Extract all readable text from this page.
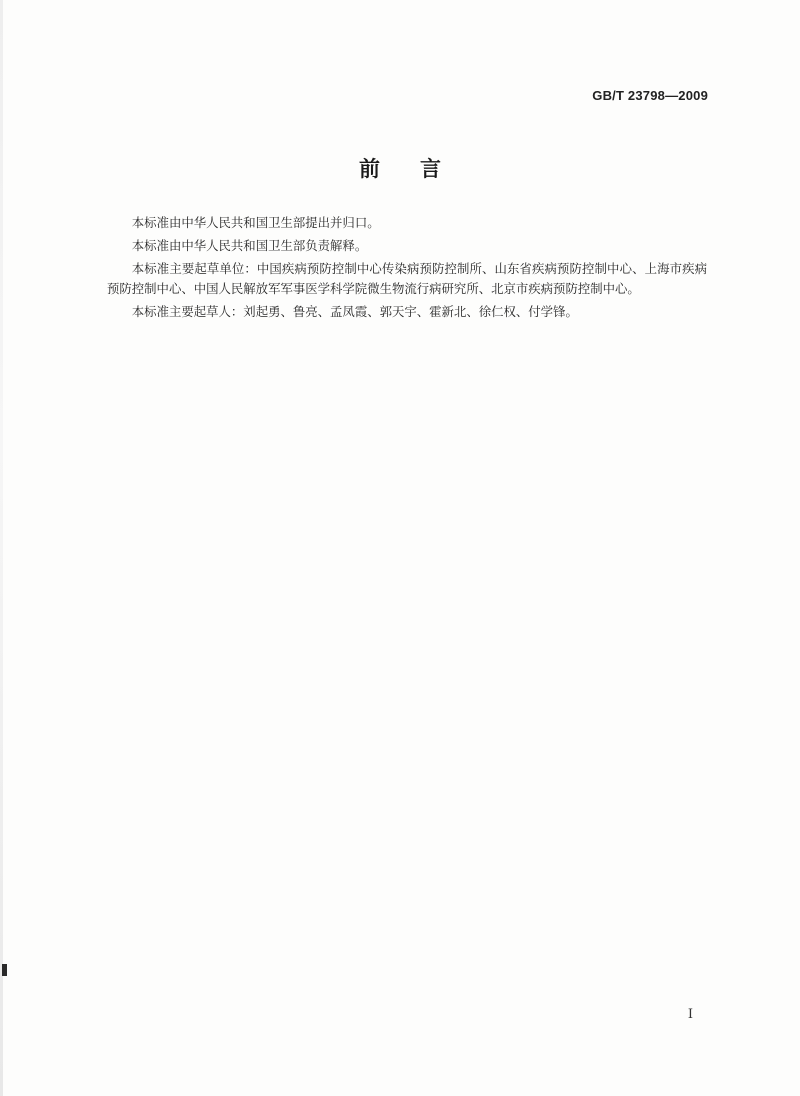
GB/T 23798—2009
前言

本标准由中华人民共和国卫生部提出并归口。

本标准由中华人民共和国卫生部负责解释。

本标准主要起草单位：中国疾病预防控制中心传染病预防控制所、山东省疾病预防控制中心、上海市疾病预防控制中心、中国人民解放军军事医学科学院微生物流行病研究所、北京市疾病预防控制中心。

本标准主要起草人：刘起勇、鲁亮、孟凤霞、郭天宇、霍新北、徐仁权、付学锋。

I
